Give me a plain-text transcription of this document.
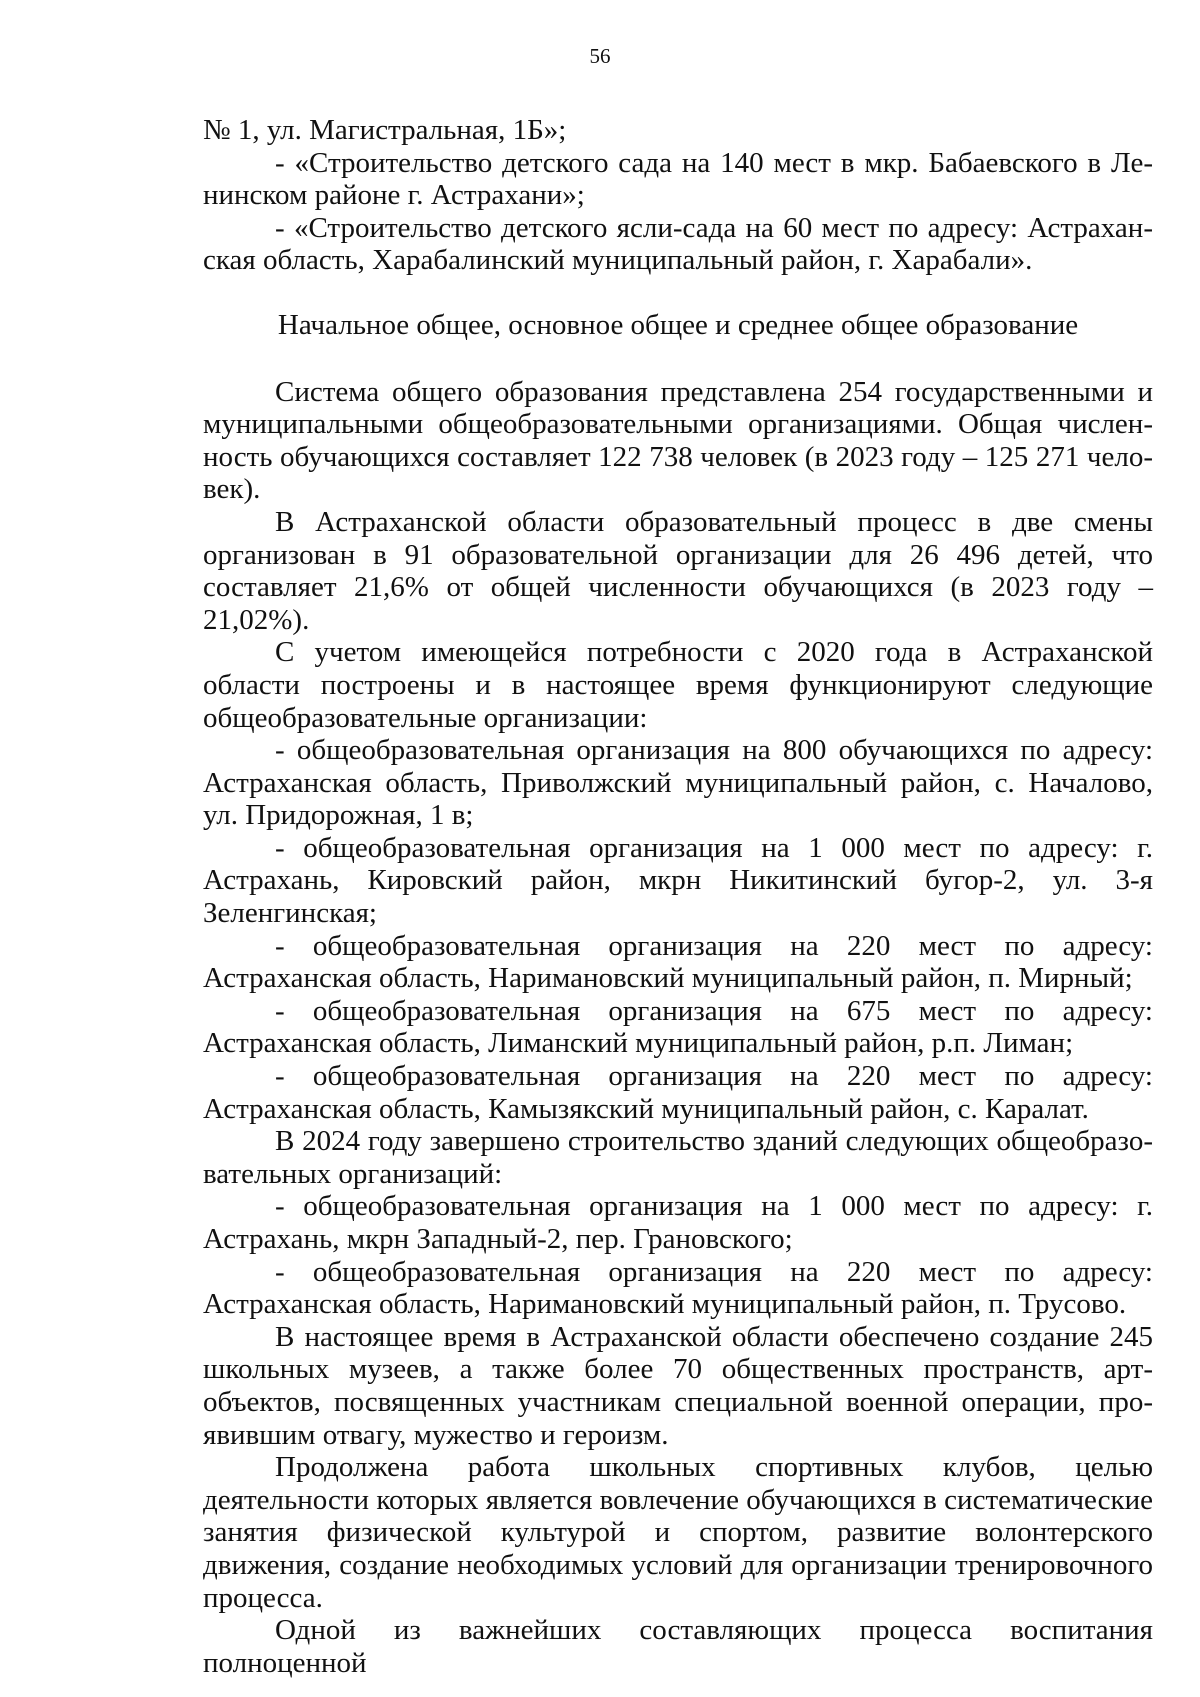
56

№ 1, ул. Магистральная, 1Б»;

- «Строительство детского сада на 140 мест в мкр. Бабаевского в Ленинском районе г. Астрахани»;

- «Строительство детского ясли-сада на 60 мест по адресу: Астраханская область, Харабалинский муниципальный район, г. Харабали».

Начальное общее, основное общее и среднее общее образование

Система общего образования представлена 254 государственными и муниципальными общеобразовательными организациями. Общая численность обучающихся составляет 122 738 человек (в 2023 году – 125 271 человек).

В Астраханской области образовательный процесс в две смены организован в 91 образовательной организации для 26 496 детей, что составляет 21,6% от общей численности обучающихся (в 2023 году – 21,02%).

С учетом имеющейся потребности с 2020 года в Астраханской области построены и в настоящее время функционируют следующие общеобразовательные организации:

- общеобразовательная организация на 800 обучающихся по адресу: Астраханская область, Приволжский муниципальный район, с. Началово, ул. Придорожная, 1 в;

- общеобразовательная организация на 1 000 мест по адресу: г. Астрахань, Кировский район, мкрн Никитинский бугор-2, ул. 3-я Зеленгинская;

- общеобразовательная организация на 220 мест по адресу: Астраханская область, Наримановский муниципальный район, п. Мирный;

- общеобразовательная организация на 675 мест по адресу: Астраханская область, Лиманский муниципальный район, р.п. Лиман;

- общеобразовательная организация на 220 мест по адресу: Астраханская область, Камызякский муниципальный район, с. Каралат.

В 2024 году завершено строительство зданий следующих общеобразовательных организаций:

- общеобразовательная организация на 1 000 мест по адресу: г. Астрахань, мкрн Западный-2, пер. Грановского;

- общеобразовательная организация на 220 мест по адресу: Астраханская область, Наримановский муниципальный район, п. Трусово.

В настоящее время в Астраханской области обеспечено создание 245 школьных музеев, а также более 70 общественных пространств, арт-объектов, посвященных участникам специальной военной операции, проявившим отвагу, мужество и героизм.

Продолжена работа школьных спортивных клубов, целью деятельности которых является вовлечение обучающихся в систематические занятия физической культурой и спортом, развитие волонтерского движения, создание необходимых условий для организации тренировочного процесса.

Одной из важнейших составляющих процесса воспитания полноценной
